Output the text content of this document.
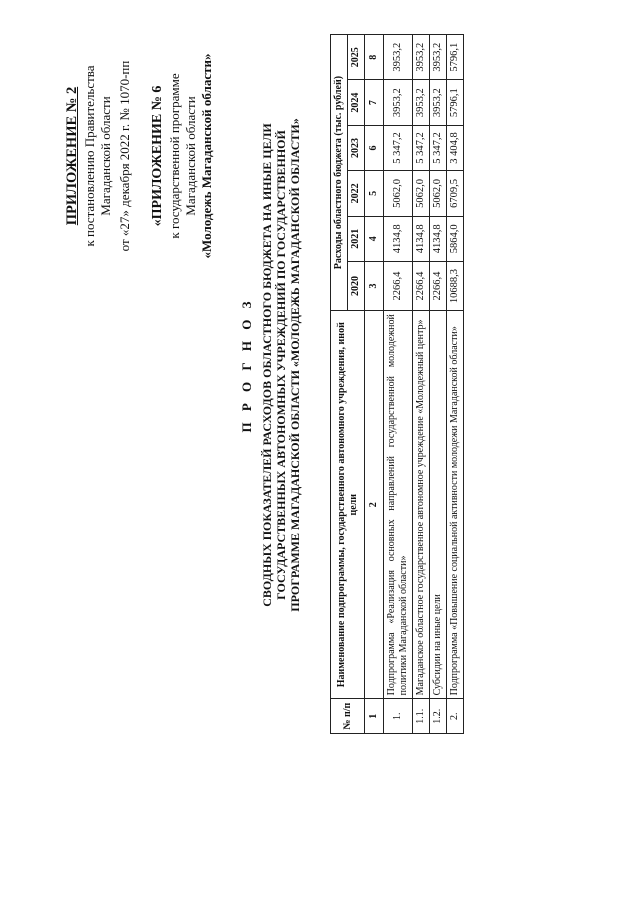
ПРИЛОЖЕНИЕ № 2 к постановлению Правительства Магаданской области от «27» декабря 2022 г. № 1070-пп «ПРИЛОЖЕНИЕ № 6 к государственной программе Магаданской области «Молодежь Магаданской области»
П Р О Г Н О З СВОДНЫХ ПОКАЗАТЕЛЕЙ РАСХОДОВ ОБЛАСТНОГО БЮДЖЕТА НА ИНЫЕ ЦЕЛИ ГОСУДАРСТВЕННЫХ АВТОНОМНЫХ УЧРЕЖДЕНИЙ ПО ГОСУДАРСТВЕННОЙ ПРОГРАММЕ МАГАДАНСКОЙ ОБЛАСТИ «МОЛОДЕЖЬ МАГАДАНСКОЙ ОБЛАСТИ»
№ п/п	Наименование подпрограммы, государственного автономного учреждения, иной цели	Расходы областного бюджета (тыс. рублей)					
		2020	2021	2022	2023	2024	2025
1	2	3	4	5	6	7	8
1.	Подпрограмма «Реализация основных направлений государственной молодежной политики Магаданской области»	2266,4	4134,8	5062,0	5 347,2	3953,2	3953,2
1.1.	Магаданское областное государственное автономное учреждение «Молодежный центр»	2266,4	4134,8	5062,0	5 347,2	3953,2	3953,2
1.2.	Субсидии на иные цели	2266,4	4134,8	5062,0	5 347,2	3953,2	3953,2
2.	Подпрограмма «Повышение социальной активности молодежи Магаданской области»	10688,3	5864,0	6709,5	3 404,8	5796,1	5796,1
